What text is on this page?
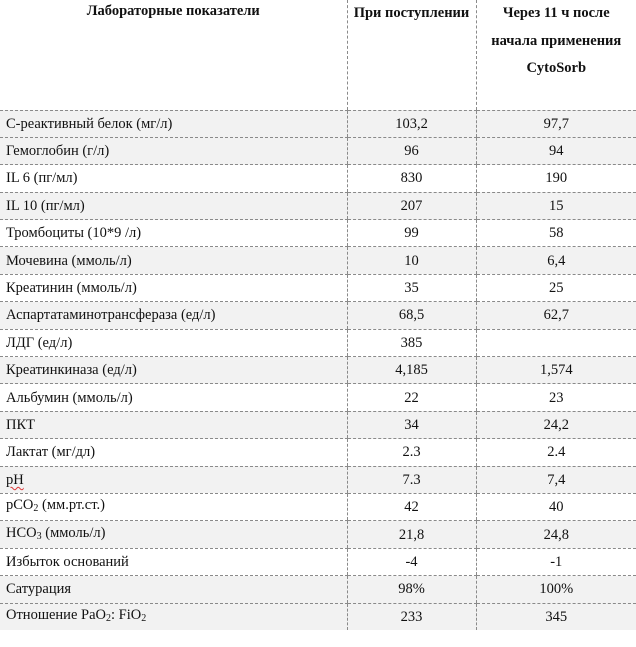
Лабораторные показатели	При поступлении	Через 11 ч после начала применения CytoSorb
С-реактивный белок (мг/л)	103,2	97,7
Гемоглобин (г/л)	96	94
IL 6 (пг/мл)	830	190
IL 10 (пг/мл)	207	15
Тромбоциты (10*9 /л)	99	58
Мочевина (ммоль/л)	10	6,4
Креатинин (ммоль/л)	35	25
Аспартатаминотрансфераза (ед/л)	68,5	62,7
ЛДГ (ед/л)	385	
Креатинкиназа (ед/л)	4,185	1,574
Альбумин (ммоль/л)	22	23
ПКТ	34	24,2
Лактат (мг/дл)	2.3	2.4
pH	7.3	7,4
pCO$_2$ (мм.рт.ст.)	42	40
$HCO_3$ (ммоль/л)	21,8	24,8
Избыток оснований	-4	-1
Сатурация	98%	100%
Отношение PaO$_2$: FiO$_2$	233	345
